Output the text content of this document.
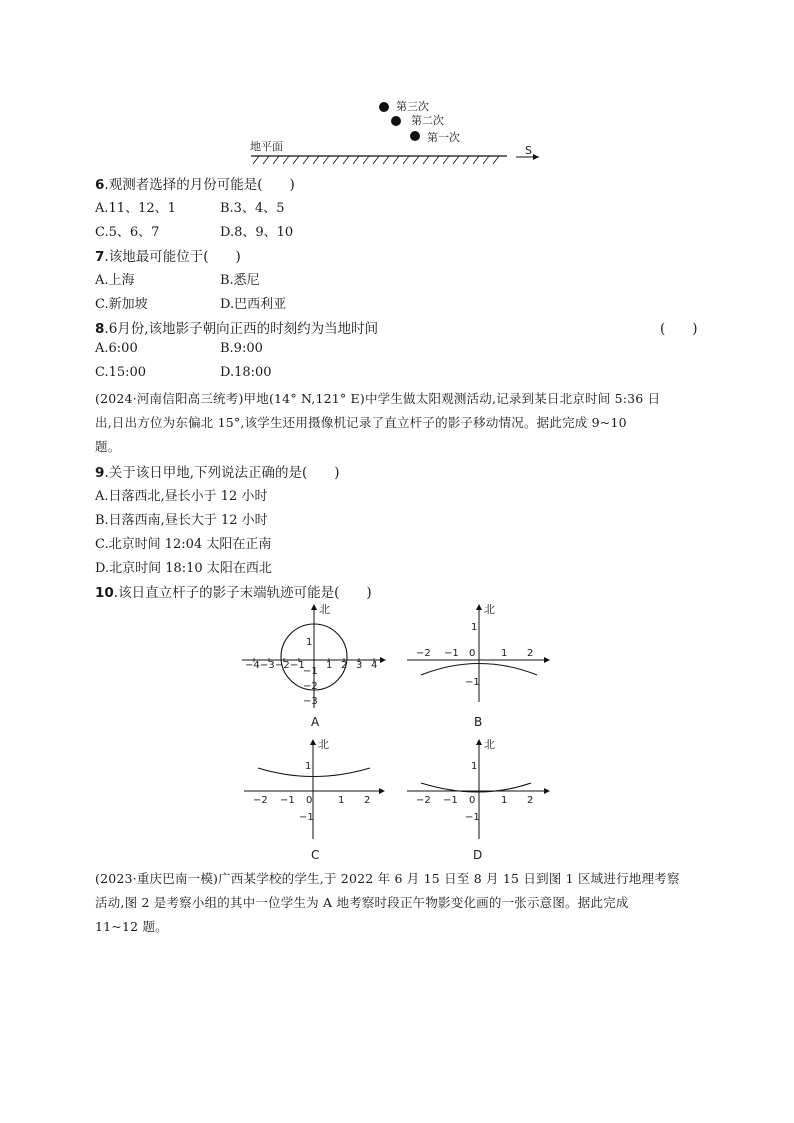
第三次
第二次
第一次
地平面	S
6.观测者选择的月份可能是(　　)
A.11、12、1	B.3、4、5
C.5、6、7	D.8、9、10
7.该地最可能位于(　　)
A.上海	B.悉尼
C.新加坡	D.巴西利亚
8.6月份,该地影子朝向正西的时刻约为当地时间	(　　)
A.6:00	B.9:00
C.15:00	D.18:00
(2024·河南信阳高三统考)甲地(14° N,121° E)中学生做太阳观测活动,记录到某日北京时间 5:36 日
出,日出方位为东偏北 15°,该学生还用摄像机记录了直立杆子的影子移动情况。据此完成 9~10
题。
9.关于该日甲地,下列说法正确的是(　　)
A.日落西北,昼长小于 12 小时
B.日落西南,昼长大于 12 小时
C.北京时间 12:04 太阳在正南
D.北京时间 18:10 太阳在西北
10.该日直立杆子的影子末端轨迹可能是(　　)
北
−4 −3 −2 −1 1 2 3 4
1
−1
−2
−3
A
北
−2 −1 0	1 2
1
−1
B
北
−2 −1 0	1 2
1
−1
C
北
−2 −1 0	1 2
1
−1
D
(2023·重庆巴南一模)广西某学校的学生,于 2022 年 6 月 15 日至 8 月 15 日到图 1 区域进行地理考察
活动,图 2 是考察小组的其中一位学生为 A 地考察时段正午物影变化画的一张示意图。据此完成
11~12 题。
